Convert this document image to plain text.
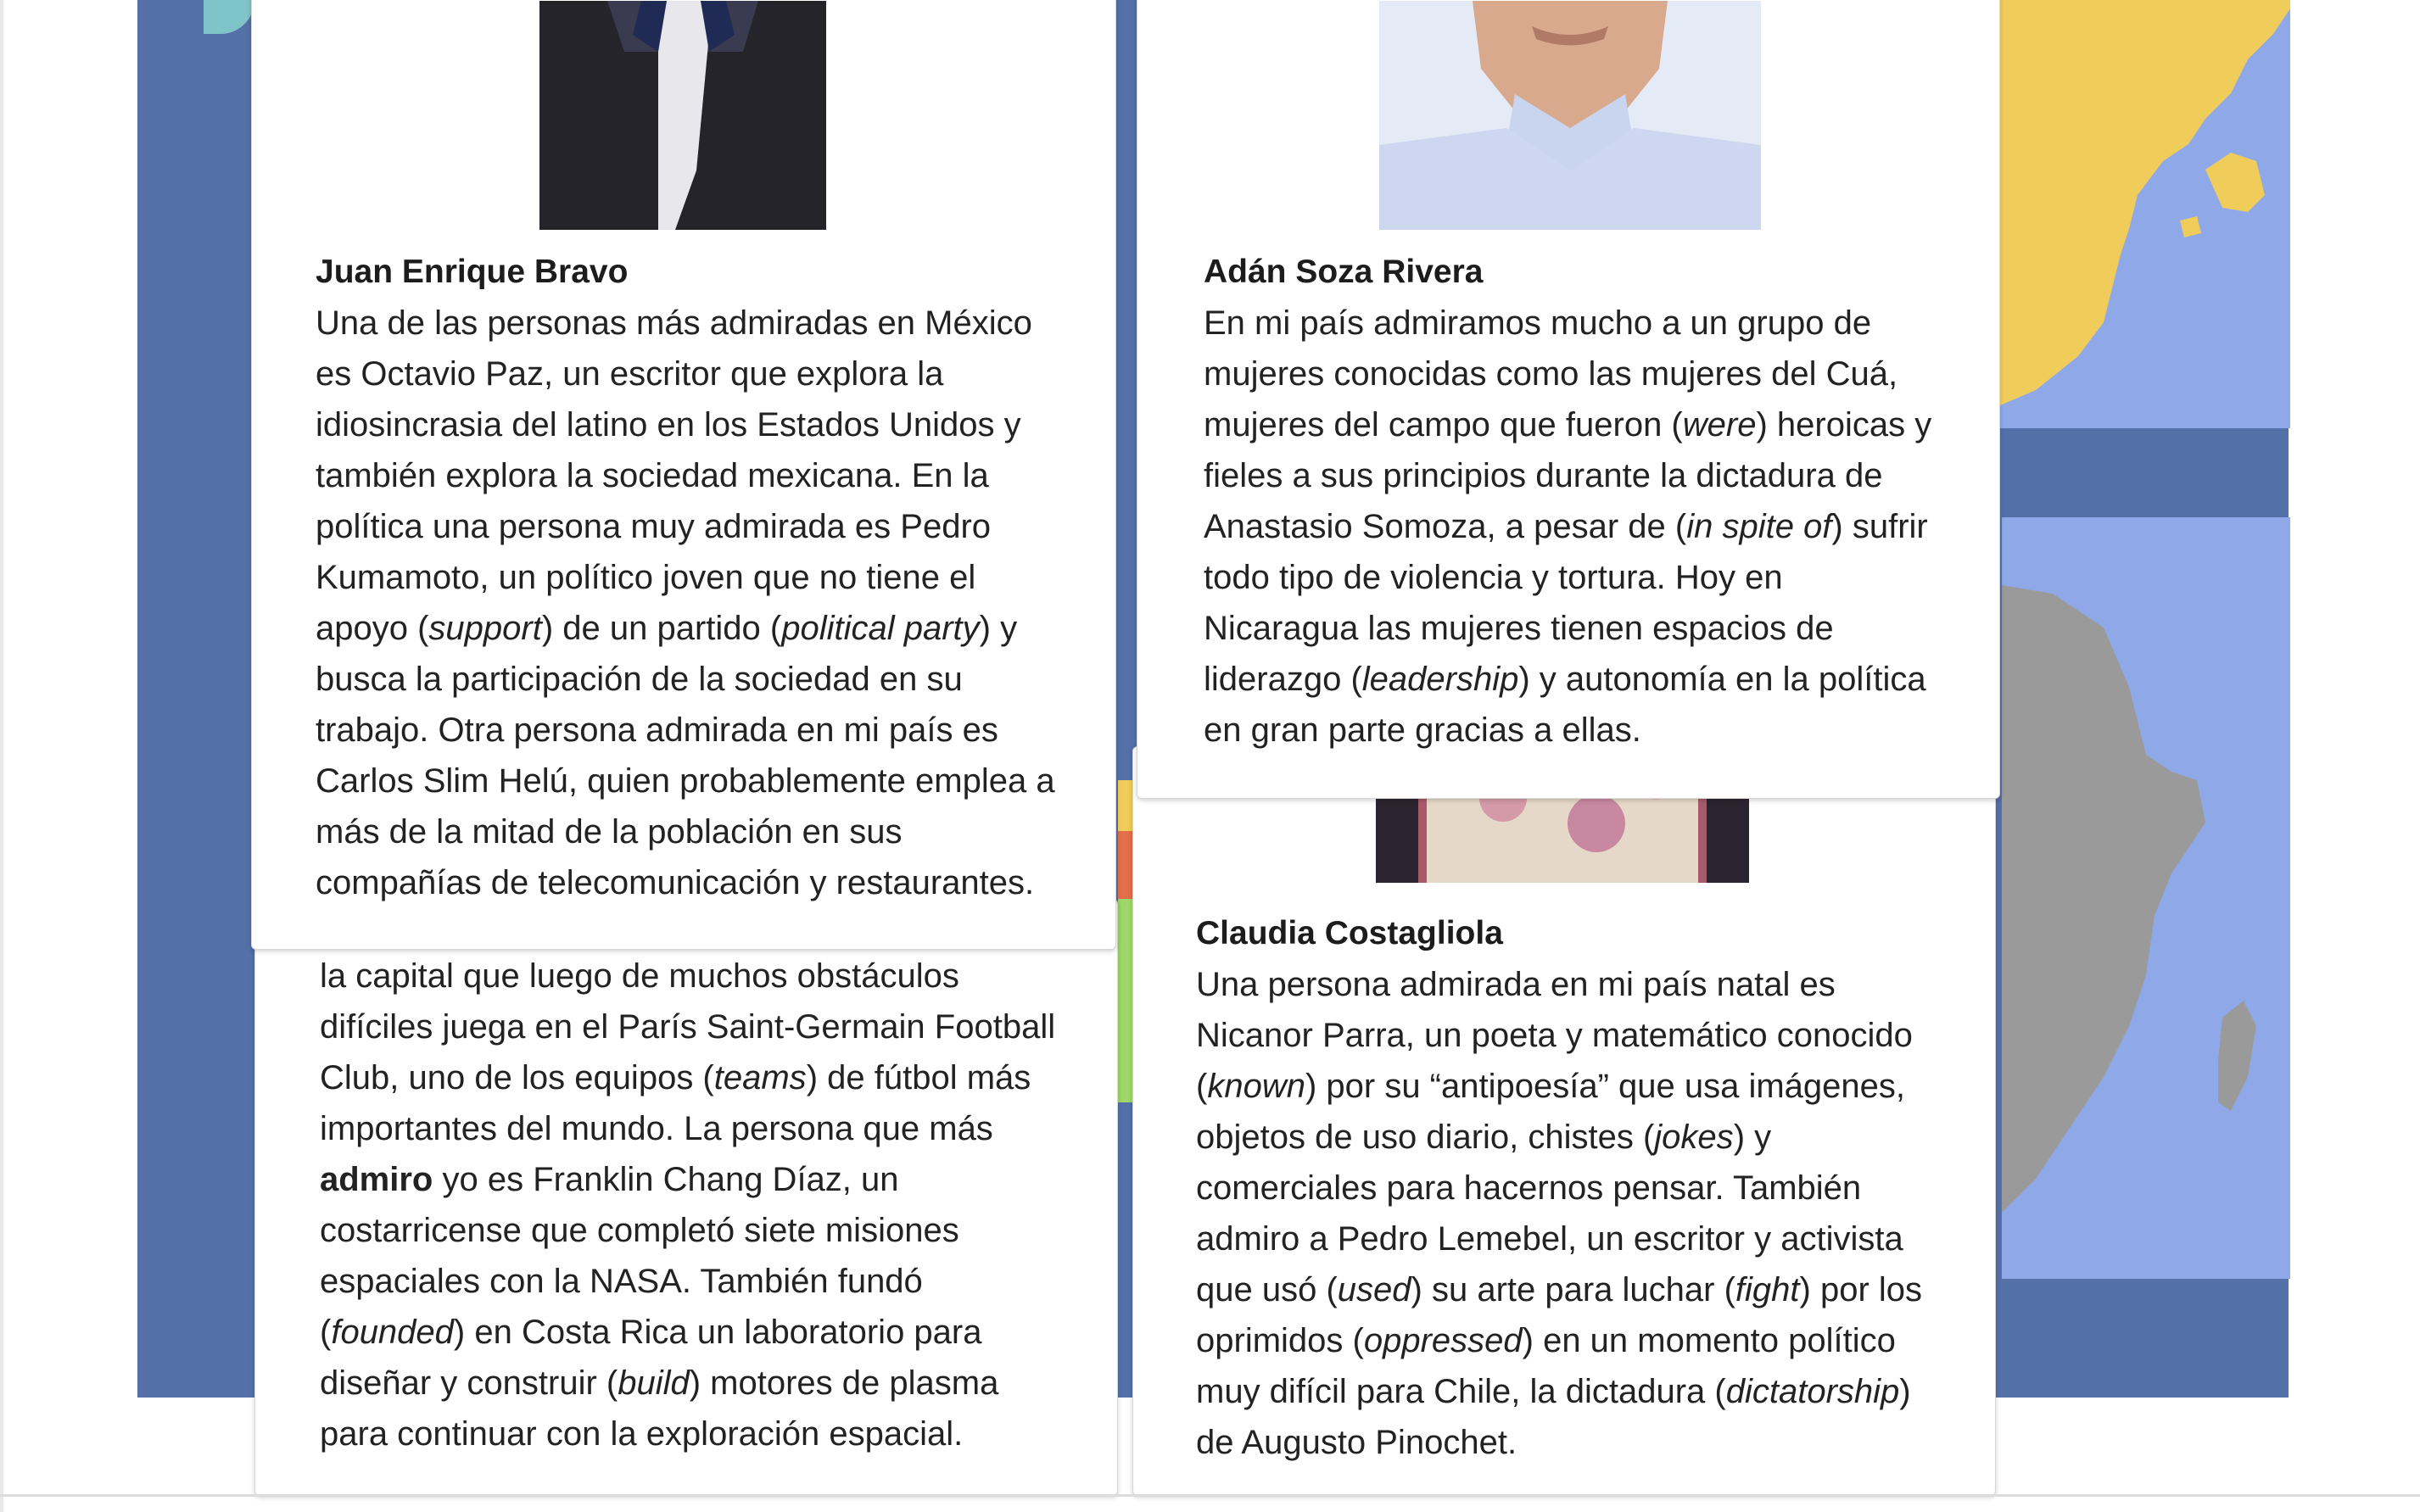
la capital que luego de muchos obstáculos

difíciles juega en el París Saint-Germain Football

Club, uno de los equipos (teams) de fútbol más

importantes del mundo. La persona que más

admiro yo es Franklin Chang Díaz, un

costarricense que completó siete misiones

espaciales con la NASA. También fundó

(founded) en Costa Rica un laboratorio para

diseñar y construir (build) motores de plasma

para continuar con la exploración espacial.

Claudia Costagliola

Una persona admirada en mi país natal es

Nicanor Parra, un poeta y matemático conocido

(known) por su “antipoesía” que usa imágenes,

objetos de uso diario, chistes (jokes) y

comerciales para hacernos pensar. También

admiro a Pedro Lemebel, un escritor y activista

que usó (used) su arte para luchar (fight) por los

oprimidos (oppressed) en un momento político

muy difícil para Chile, la dictadura (dictatorship)

de Augusto Pinochet.

Juan Enrique Bravo

Una de las personas más admiradas en México

es Octavio Paz, un escritor que explora la

idiosincrasia del latino en los Estados Unidos y

también explora la sociedad mexicana. En la

política una persona muy admirada es Pedro

Kumamoto, un político joven que no tiene el

apoyo (support) de un partido (political party) y

busca la participación de la sociedad en su

trabajo. Otra persona admirada en mi país es

Carlos Slim Helú, quien probablemente emplea a

más de la mitad de la población en sus

compañías de telecomunicación y restaurantes.

Adán Soza Rivera

En mi país admiramos mucho a un grupo de

mujeres conocidas como las mujeres del Cuá,

mujeres del campo que fueron (were) heroicas y

fieles a sus principios durante la dictadura de

Anastasio Somoza, a pesar de (in spite of) sufrir

todo tipo de violencia y tortura. Hoy en

Nicaragua las mujeres tienen espacios de

liderazgo (leadership) y autonomía en la política

en gran parte gracias a ellas.
